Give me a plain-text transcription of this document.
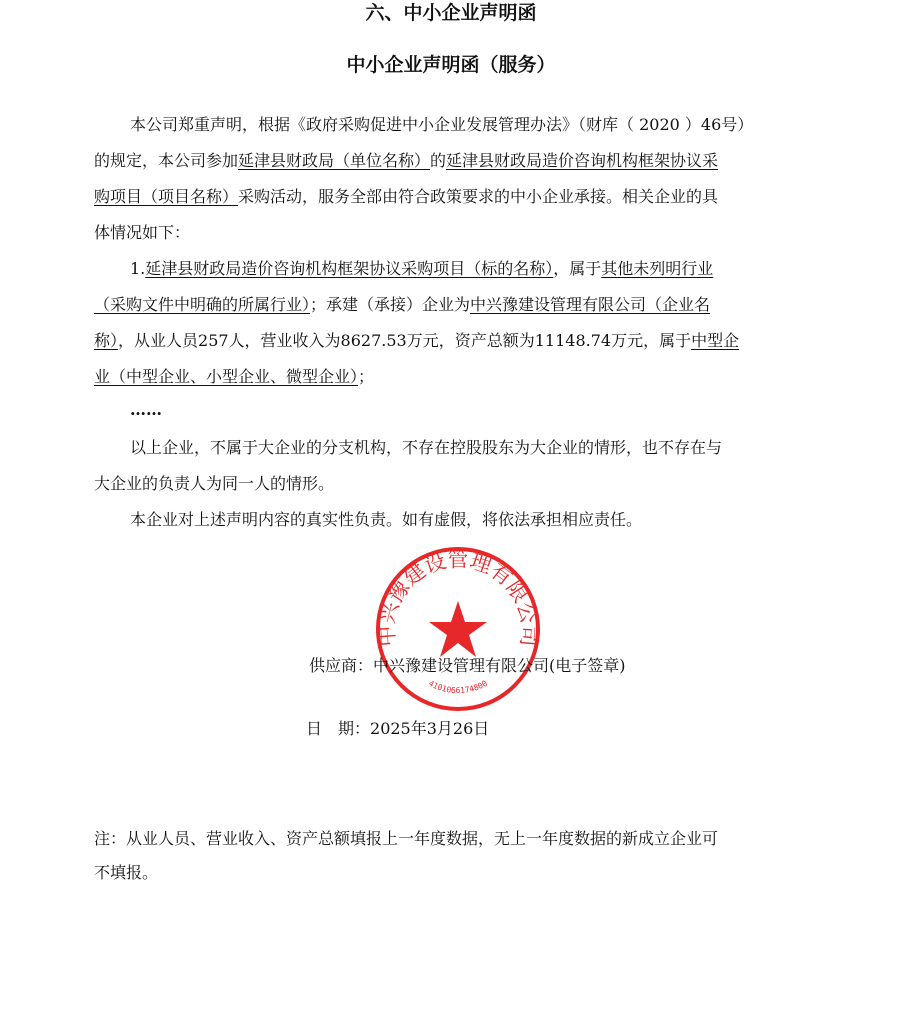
六、中小企业声明函
中小企业声明函（服务）
本公司郑重声明，根据《政府采购促进中小企业发展管理办法》（财库（ 2020 ）46号）
的规定，本公司参加延津县财政局（单位名称）的延津县财政局造价咨询机构框架协议采
购项目（项目名称）采购活动，服务全部由符合政策要求的中小企业承接。相关企业的具
体情况如下：
1.延津县财政局造价咨询机构框架协议采购项目（标的名称），属于其他未列明行业
（采购文件中明确的所属行业）；承建（承接）企业为中兴豫建设管理有限公司（企业名
称），从业人员257人，营业收入为8627.53万元，资产总额为11148.74万元，属于中型企
业（中型企业、小型企业、微型企业）；
……
以上企业，不属于大企业的分支机构，不存在控股股东为大企业的情形，也不存在与
大企业的负责人为同一人的情形。
本企业对上述声明内容的真实性负责。如有虚假，将依法承担相应责任。
中兴豫建设管理有限公司
4101066174800
供应商：中兴豫建设管理有限公司(电子签章)
日　期：2025年3月26日
注：从业人员、营业收入、资产总额填报上一年度数据，无上一年度数据的新成立企业可
不填报。
